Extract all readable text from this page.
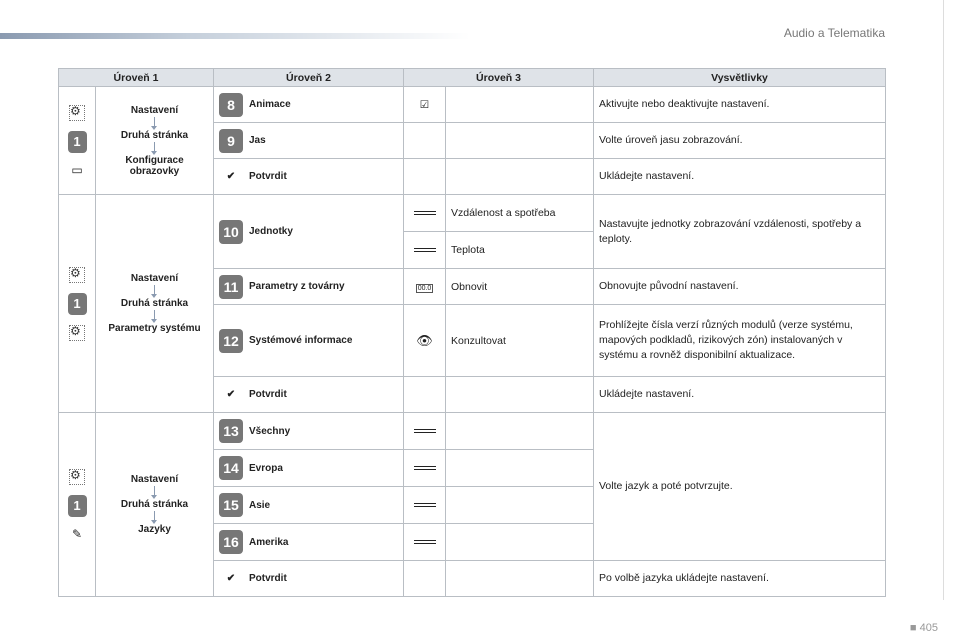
Audio a Telematika
Úroveň 1		Úroveň 2	Úroveň 3		Vysvětlivky

⚙
1
▭	Nastavení
Druhá stránka
Konfigurace obrazovky	8 Animace	☑		Aktivujte nebo deaktivujte nastavení.

		9 Jas			Volte úroveň jasu zobrazování.

		✔ Potvrdit			Ukládejte nastavení.

⚙
1
⚙	Nastavení
Druhá stránka
Parametry systému	10 Jednotky		Vzdálenost a spotřeba	Nastavujte jednotky zobrazování vzdálenosti, spotřeby a teploty.

				Teplota	

		11 Parametry z továrny	00.0	Obnovit	Obnovujte původní nastavení.

		12 Systémové informace	👁	Konzultovat	Prohlížejte čísla verzí různých modulů (verze systému, mapových podkladů, rizikových zón) instalovaných v systému a rovněž disponibilní aktualizace.

		✔ Potvrdit			Ukládejte nastavení.

⚙
1
✎	Nastavení
Druhá stránka
Jazyky	13 Všechny			Volte jazyk a poté potvrzujte.

		14 Evropa			

		15 Asie			

		16 Amerika			

		✔ Potvrdit			Po volbě jazyka ukládejte nastavení.
■ 405
